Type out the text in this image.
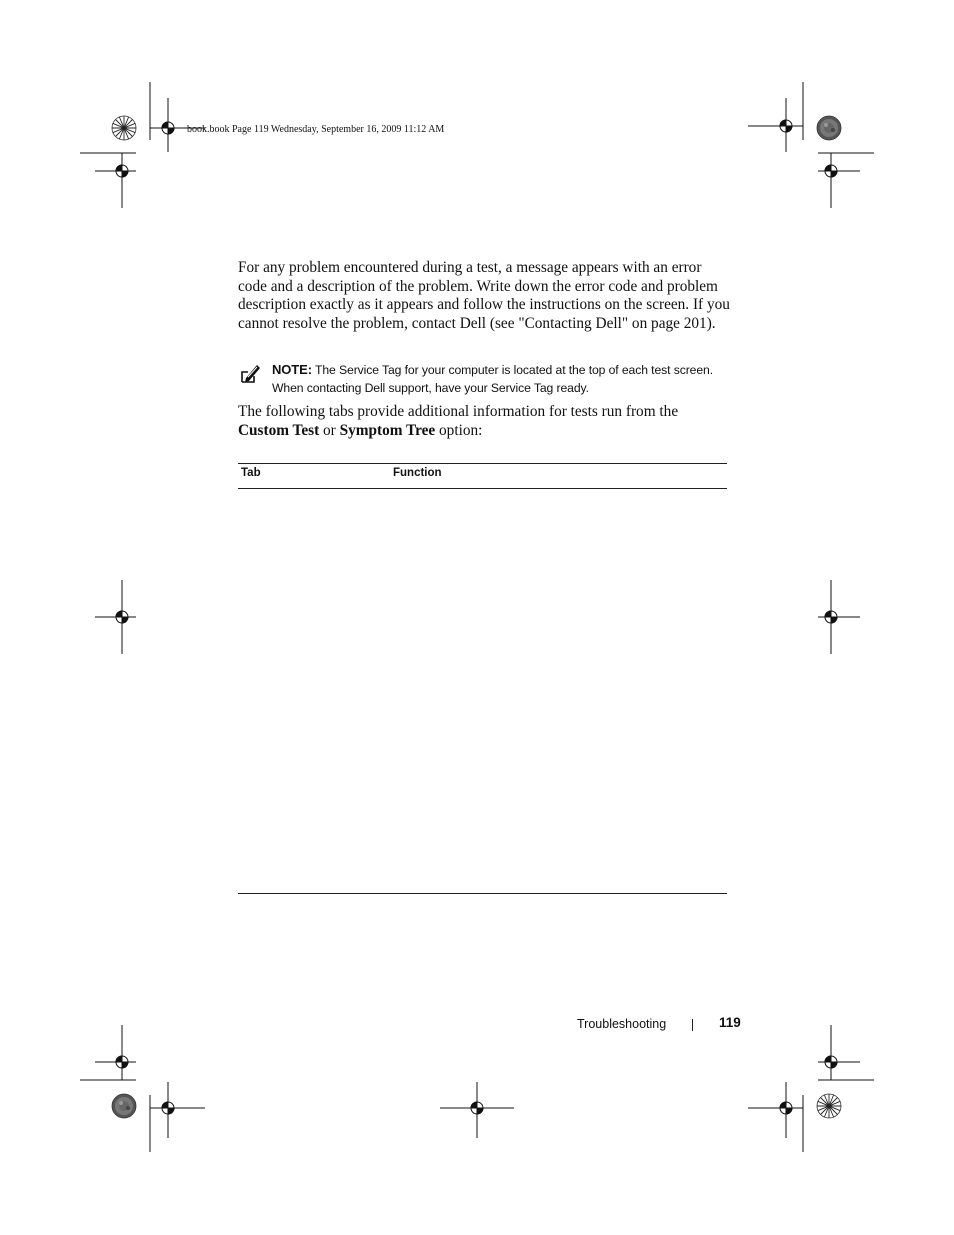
book.book Page 119 Wednesday, September 16, 2009 11:12 AM

For any problem encountered during a test, a message appears with an error code and a description of the problem. Write down the error code and problem description exactly as it appears and follow the instructions on the screen. If you cannot resolve the problem, contact Dell (see "Contacting Dell" on page 201).

NOTE: The Service Tag for your computer is located at the top of each test screen. When contacting Dell support, have your Service Tag ready.

The following tabs provide additional information for tests run from the Custom Test or Symptom Tree option:

Tab	Function
Troubleshooting	119
